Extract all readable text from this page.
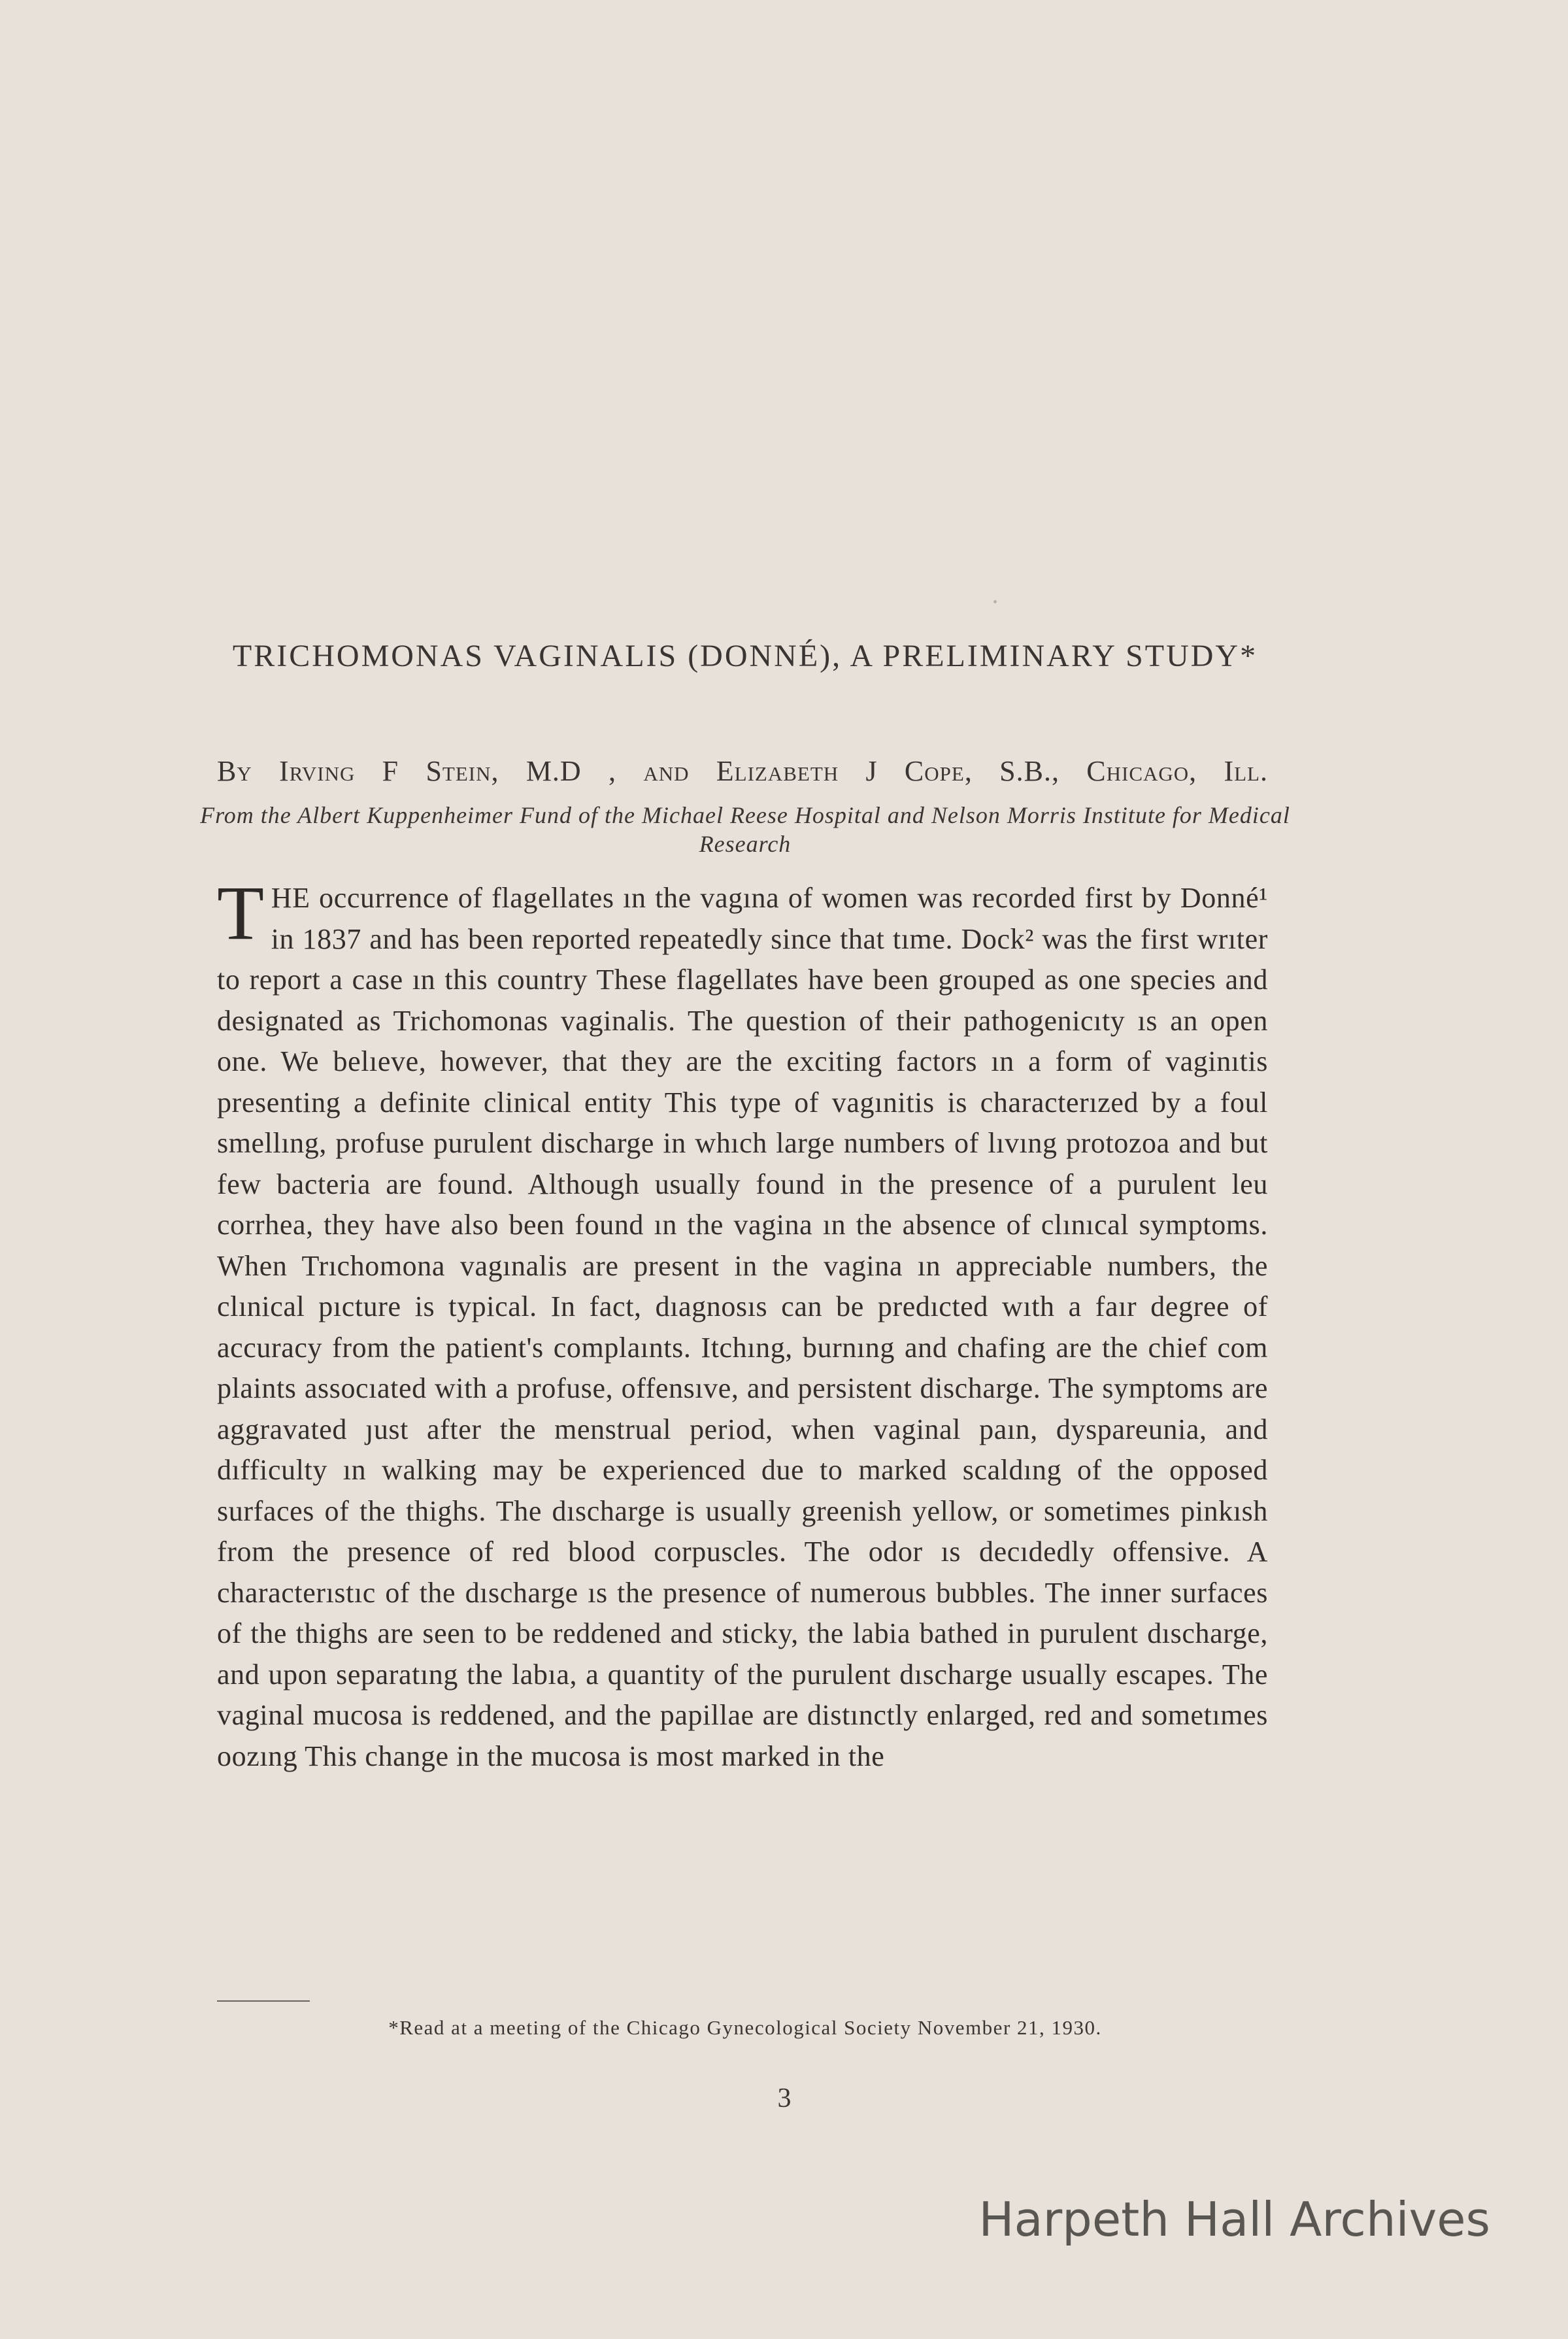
TRICHOMONAS VAGINALIS (DONNÉ), A PRELIMINARY STUDY*
By Irving F Stein, M.D , and Elizabeth J Cope, S.B., Chicago, Ill.
From the Albert Kuppenheimer Fund of the Michael Reese Hospital and Nelson Morris Institute for Medical Research

THE occurrence of flagellates ın the vagına of women was recorded first by Donné¹ in 1837 and has been reported repeatedly since that tıme. Dock² was the first wrıter to report a case ın this country These flagellates have been grouped as one species and designated as Trichomonas vaginalis. The question of their pathogenicıty ıs an open one. We belıeve, however, that they are the exciting factors ın a form of vaginıtis presenting a definite clinical entity This type of vagınitis is characterızed by a foul smellıng, profuse purulent discharge in whıch large numbers of lıvıng protozoa and but few bacteria are found. Although usually found in the presence of a purulent leu corrhea, they have also been found ın the vagina ın the absence of clınıcal symptoms. When Trıchomona vagınalis are present in the vagina ın appreciable numbers, the clınical pıcture is typical. In fact, dıagnosıs can be predıcted wıth a faır degree of accuracy from the patient's complaınts. Itchıng, burnıng and chafing are the chief com plaints assocıated with a profuse, offensıve, and persistent discharge. The symptoms are aggravated ȷust after the menstrual period, when vaginal paın, dyspareunia, and dıfficulty ın walking may be experienced due to marked scaldıng of the opposed surfaces of the thighs. The dıscharge is usually greenish yellow, or sometimes pinkısh from the presence of red blood corpuscles. The odor ıs decıdedly offensive. A characterıstıc of the dıscharge ıs the presence of numerous bubbles. The inner surfaces of the thighs are seen to be reddened and sticky, the labia bathed in purulent dıscharge, and upon separatıng the labıa, a quantity of the purulent dıscharge usually escapes. The vaginal mucosa is reddened, and the papillae are distınctly enlarged, red and sometımes oozıng This change in the mucosa is most marked in the

*Read at a meeting of the Chicago Gynecological Society November 21, 1930.
3
Harpeth Hall Archives
